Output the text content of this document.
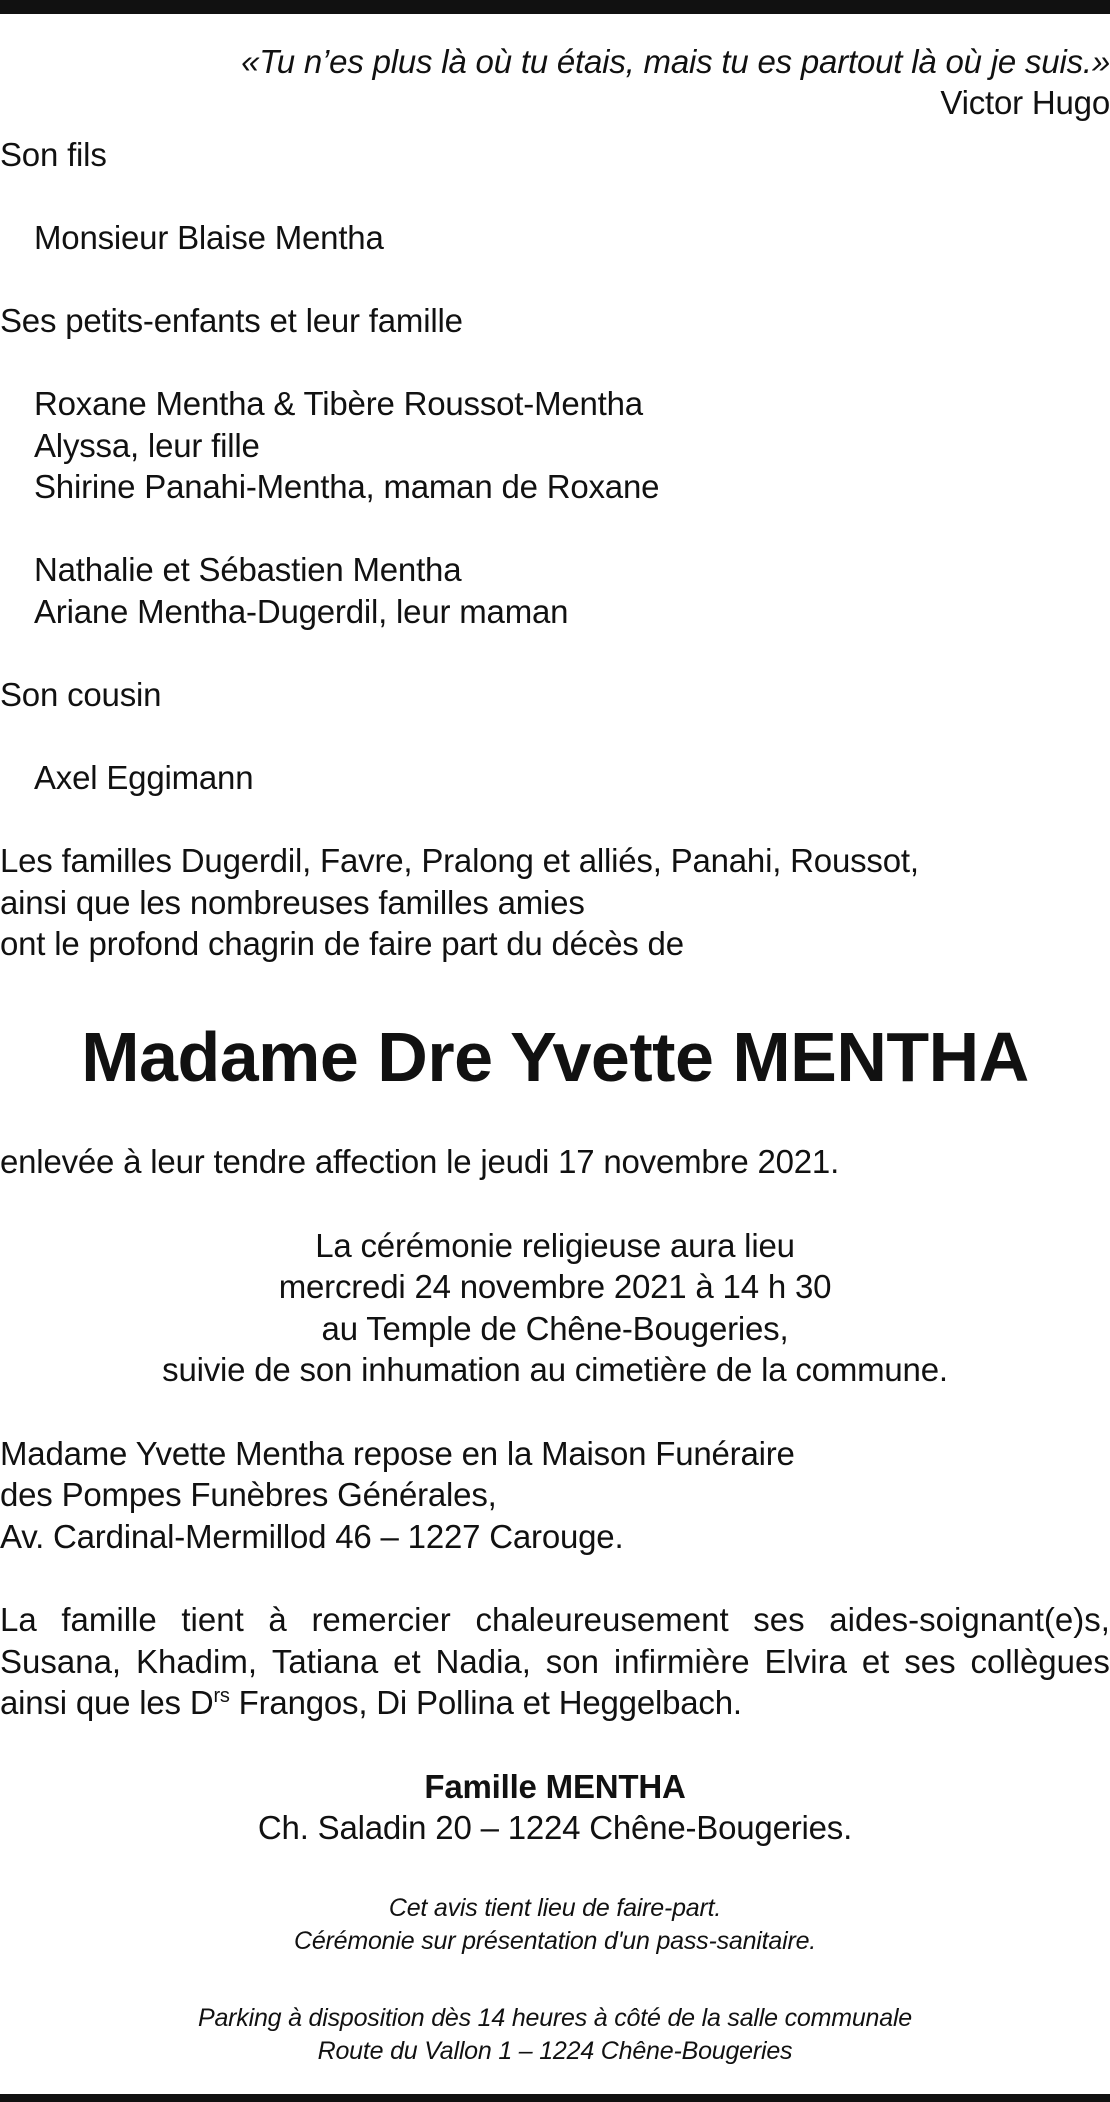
«Tu n’es plus là où tu étais, mais tu es partout là où je suis.»
Victor Hugo
Son fils
Monsieur Blaise Mentha
Ses petits-enfants et leur famille
Roxane Mentha & Tibère Roussot-Mentha
Alyssa, leur fille
Shirine Panahi-Mentha, maman de Roxane
Nathalie et Sébastien Mentha
Ariane Mentha-Dugerdil, leur maman
Son cousin
Axel Eggimann
Les familles Dugerdil, Favre, Pralong et alliés, Panahi, Roussot,
ainsi que les nombreuses familles amies
ont le profond chagrin de faire part du décès de
Madame Dre Yvette MENTHA
enlevée à leur tendre affection le jeudi 17 novembre 2021.
La cérémonie religieuse aura lieu
mercredi 24 novembre 2021 à 14 h 30
au Temple de Chêne-Bougeries,
suivie de son inhumation au cimetière de la commune.
Madame Yvette Mentha repose en la Maison Funéraire
des Pompes Funèbres Générales,
Av. Cardinal-Mermillod 46 – 1227 Carouge.
La famille tient à remercier chaleureusement ses aides-soignant(e)s,
Susana, Khadim, Tatiana et Nadia, son infirmière Elvira et ses collègues
ainsi que les $D^{rs}$ Frangos, Di Pollina et Heggelbach.
Famille MENTHA
Ch. Saladin 20 – 1224 Chêne-Bougeries.
Cet avis tient lieu de faire-part.
Cérémonie sur présentation d'un pass-sanitaire.
Parking à disposition dès 14 heures à côté de la salle communale
Route du Vallon 1 – 1224 Chêne-Bougeries
